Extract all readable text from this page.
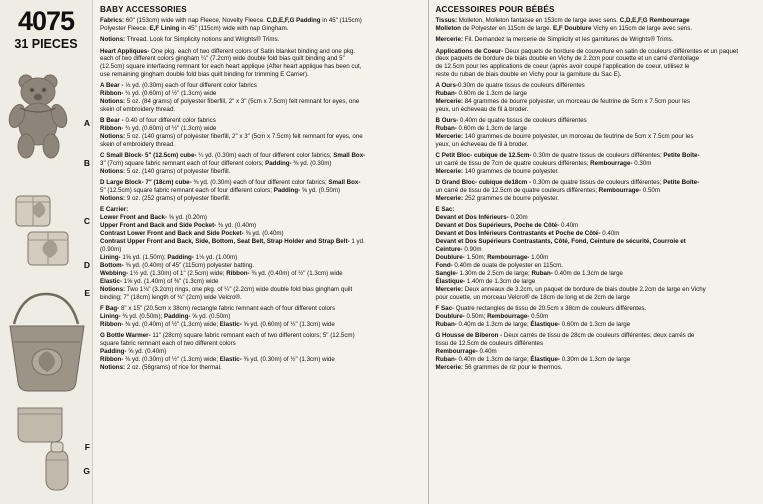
4075
31 PIECES
A
B
C
D
E
F
G
BABY ACCESSORIES

Fabrics: 60" (153cm) wide with nap Fleece, Novelty Fleece. C,D,E,F,G Padding in 45" (115cm)

Polyester Fleece. E,F Lining in 45" (115cm) wide with nap Gingham.

Notions: Thread. Look for Simplicity notions and Wrights® Trims.

Heart Appliques- One pkg. each of two different colors of Satin blanket binding and one pkg.

each of two different colors gingham ¼" (7.2cm) wide double fold bias quilt binding and 5"

(12.5cm) square interfacing remnant for each heart applique (After heart applique has been cut,

use remaining gingham double fold bias quilt binding for trimming E Carrier).

A Bear - ⅓ yd. (0.30m) each of four different color fabrics

Ribbon- ¾ yd. (0.60m) of ½" (1.3cm) wide

Notions: 5 oz. (84 grams) of polyester fiberfill, 2" x 3" (5cm x 7.5cm) felt remnant for eyes, one

skein of embroidery thread.

B Bear - 0.40 of four different color fabrics

Ribbon- ¾ yd. (0.60m) of ½" (1.3cm) wide

Notions: 5 oz. (140 grams) of polyester fiberfill, 2" x 3" (5cm x 7.5cm) felt remnant for eyes, one

skein of embroidery thread.

C Small Block- 5" (12.5cm) cube- ¼ yd. (0.30m) each of four different color fabrics; Small Box-

3" (7cm) square fabric remnant each of four different colors; Padding- ⅜ yd. (0.30m)

Notions: 5 oz. (140 grams) of polyester fiberfill.

D Large Block- 7" (18cm) cube- ⅜ yd. (0.30m) each of four different color fabrics; Small Box-

5" (12.5cm) square fabric remnant each of four different colors; Padding- ⅝ yd. (0.50m)

Notions: 9 oz. (252 grams) of polyester fiberfill.

E Carrier:

Lower Front and Back- ⅝ yd. (0.20m)

Upper Front and Back and Side Pocket- ⅜ yd. (0.40m)

Contrast Lower Front and Back and Side Pocket- ⅜ yd. (0.40m)

Contrast Upper Front and Back, Side, Bottom, Seat Belt, Strap Holder and Strap Belt- 1 yd.

(0.90m)

Lining- 1⅝ yd. (1.50m); Padding- 1⅛ yd. (1.00m)

Bottom- ⅜ yd. (0.40m) of 45" (115cm) polyester batting.

Webbing- 1½ yd. (1.30m) of 1" (2.5cm) wide; Ribbon- ⅜ yd. (0.40m) of ½" (1.3cm) wide

Elastic- 1⅝ yd. (1.40m) of ⅜" (1.3cm) wide

Notions: Two 1⅛" (3.2cm) rings, one pkg. of ¼" (2.2cm) wide double fold bias gingham quilt

binding; 7" (18cm) length of ¾" (2cm) wide Velcro®.

F Bag- 8" x 15" (20.5cm x 38cm) rectangle fabric remnant each of four different colors

Lining- ⅜ yd. (0.50m); Padding- ⅝ yd. (0.50m)

Ribbon- ⅜ yd. (0.40m) of ½" (1.3cm) wide; Elastic- ⅝ yd. (0.60m) of ½" (1.3cm) wide

G Bottle Warmer- 11" (28cm) square fabric remnant each of two different colors; 5" (12.5cm)

square fabric remnant each of two different colors

Padding- ⅝ yd. (0.40m)

Ribbon- ⅜ yd. (0.30m) of ½" (1.3cm) wide; Elastic- ⅜ yd. (0.30m) of ½" (1.3cm) wide

Notions: 2 oz. (56grams) of rice for thermal.

ACCESSOIRES POUR BÉBÉS

Tissus: Molleton, Molleton fantaisie en 153cm de large avec sens. C,D,E,F,G Rembourrage

Molleton de Polyester en 115cm de large. E,F Doublure Vichy en 115cm de large avec sens.

Mercerie: Fil. Demandez la mercerie de Simplicity et les garnitures de Wrights® Trims.

Applications de Coeur- Deux paquets de bordure de couverture en satin de couleurs différentes et un paquet

deux paquets de bordure de biais double en Vichy de 2.2cm pour couette et un carré d'entoilage

de 12.5cm pour les applications de coeur (après avoir coupé l'application de coeur, utilisez le

reste du ruban de biais double en Vichy pour la garniture du Sac E).

A Ours-0.30m de quatre tissus de couleurs différentes

Ruban- 0.60m de 1.3cm de large

Mercerie: 84 grammes de bourre polyester, un morceau de feutrine de 5cm x 7.5cm pour les

yeux, un écheveau de fil à broder.

B Ours- 0.40m de quatre tissus de couleurs différentes

Ruban- 0.60m de 1.3cm de large

Mercerie: 140 grammes de bourre polyester, un morceau de feutrine de 5cm x 7.5cm pour les

yeux, un écheveau de fil à broder.

C Petit Bloc- cubique de 12.5cm- 0.30m de quatre tissus de couleurs différentes; Petite Boîte-

un carré de tissu de 7cm de quatre couleurs différentes; Rembourrage- 0.30m

Mercerie: 140 grammes de bourre polyester.

D Grand Bloc- cubique de18cm - 0.30m de quatre tissus de couleurs différentes; Petite Boîte-

un carré de tissu de 12.5cm de quatre couleurs différentes; Rembourrage- 0.50m

Mercerie: 252 grammes de bourre polyester.

E Sac:

Devant et Dos Inférieurs- 0.20m

Devant et Dos Supérieurs, Poche de Côté- 0.40m

Devant et Dos Inférieurs Contrastants et Poche de Côté- 0.40m

Devant et Dos Supérieurs Contrastants, Côté, Fond, Ceinture de sécurité, Courroie et

Ceinture- 0.90m

Doublure- 1.50m; Rembourrage- 1.00m

Fond- 0.40m de ouate de polyester en 115cm.

Sangle- 1.30m de 2.5cm de large; Ruban- 0.40m de 1.3cm de large

Élastique- 1.40m de 1.3cm de large

Mercerie: Deux anneaux de 3.2cm, un paquet de bordure de biais double 2.2cm de large en Vichy

pour couette, un morceau Velcro® de 18cm de long et de 2cm de large

F Sac- Quatre rectangles de tissu de 20.5cm x 38cm de couleurs différentes.

Doublure- 0.50m; Rembourrage- 0.50m

Ruban- 0.40m de 1.3cm de large; Élastique- 0.60m de 1.3cm de large

G Housse de Biberon - Deux carrés de tissu de 28cm de couleurs différentes; deux carrés de

tissu de 12.5cm de couleurs différentes

Rembourrage- 0.40m

Ruban- 0.40m de 1.3cm de large; Élastique- 0.30m de 1.3cm de large

Mercerie: 56 grammes de riz pour le thermos.
